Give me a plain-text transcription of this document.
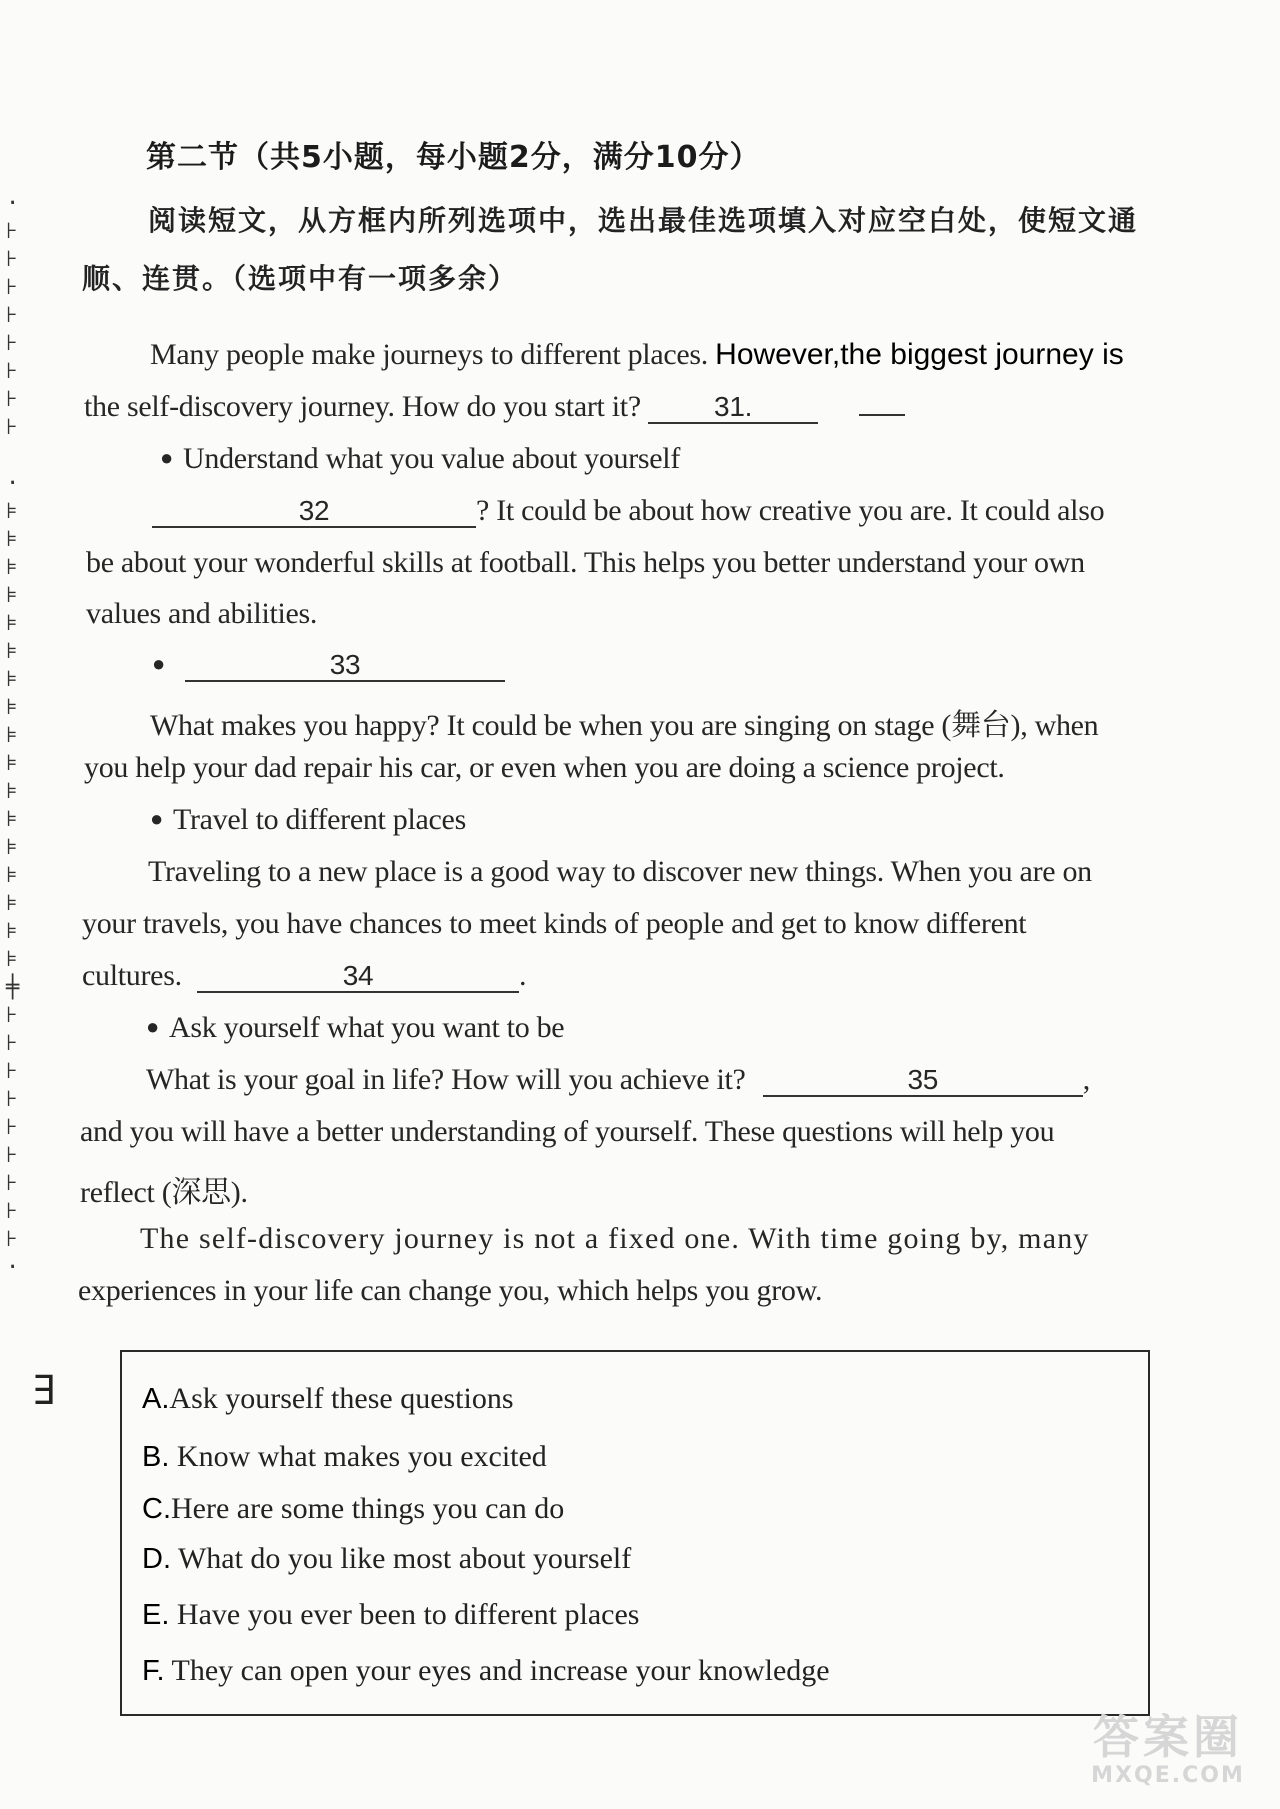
·
⊦
⊦
⊦
⊦
⊦
⊦
⊦
⊦

·
⊧
⊧
⊧
⊧
⊧
⊧
⊧
⊧
⊧
⊧
⊧
⊧
⊧
⊧
⊧
⊧
⊧
╪
⊦
⊦
⊦
⊦
⊦
⊦
⊦
⊦
⊦
·
∃
第二节（共5小题，每小题2分，满分10分）
阅读短文，从方框内所列选项中，选出最佳选项填入对应空白处，使短文通顺、连贯。（选项中有一项多余）
Many people make journeys to different places. However,the biggest journey is
the self-discovery journey. How do you start it?	31.
● Understand what you value about yourself
32	? It could be about how creative you are. It could also
be about your wonderful skills at football. This helps you better understand your own
values and abilities.
●	33
What makes you happy? It could be when you are singing on stage (舞台), when
you help your dad repair his car, or even when you are doing a science project.
● Travel to different places
Traveling to a new place is a good way to discover new things. When you are on
your travels, you have chances to meet kinds of people and get to know different
cultures.	34	.
● Ask yourself what you want to be
What is your goal in life? How will you achieve it?	35	,
and you will have a better understanding of yourself. These questions will help you
reflect (深思).
The self-discovery journey is not a fixed one. With time going by, many
experiences in your life can change you, which helps you grow.
A.Ask yourself these questions
B. Know what makes you excited
C.Here are some things you can do
D. What do you like most about yourself
E. Have you ever been to different places
F. They can open your eyes and increase your knowledge
答案圈
MXQE.COM
